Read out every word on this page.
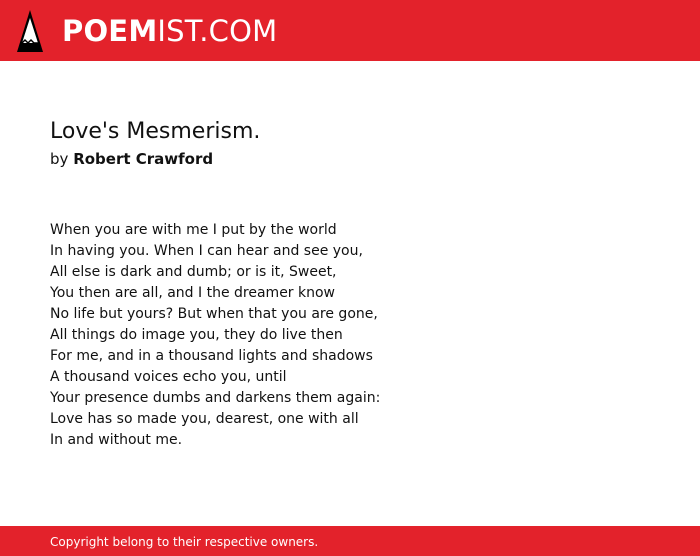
POEMIST.COM
Love's Mesmerism.
by Robert Crawford
When you are with me I put by the world
In having you. When I can hear and see you,
All else is dark and dumb; or is it, Sweet,
You then are all, and I the dreamer know
No life but yours? But when that you are gone,
All things do image you, they do live then
For me, and in a thousand lights and shadows
A thousand voices echo you, until
Your presence dumbs and darkens them again:
Love has so made you, dearest, one with all
In and without me.
Copyright belong to their respective owners.
